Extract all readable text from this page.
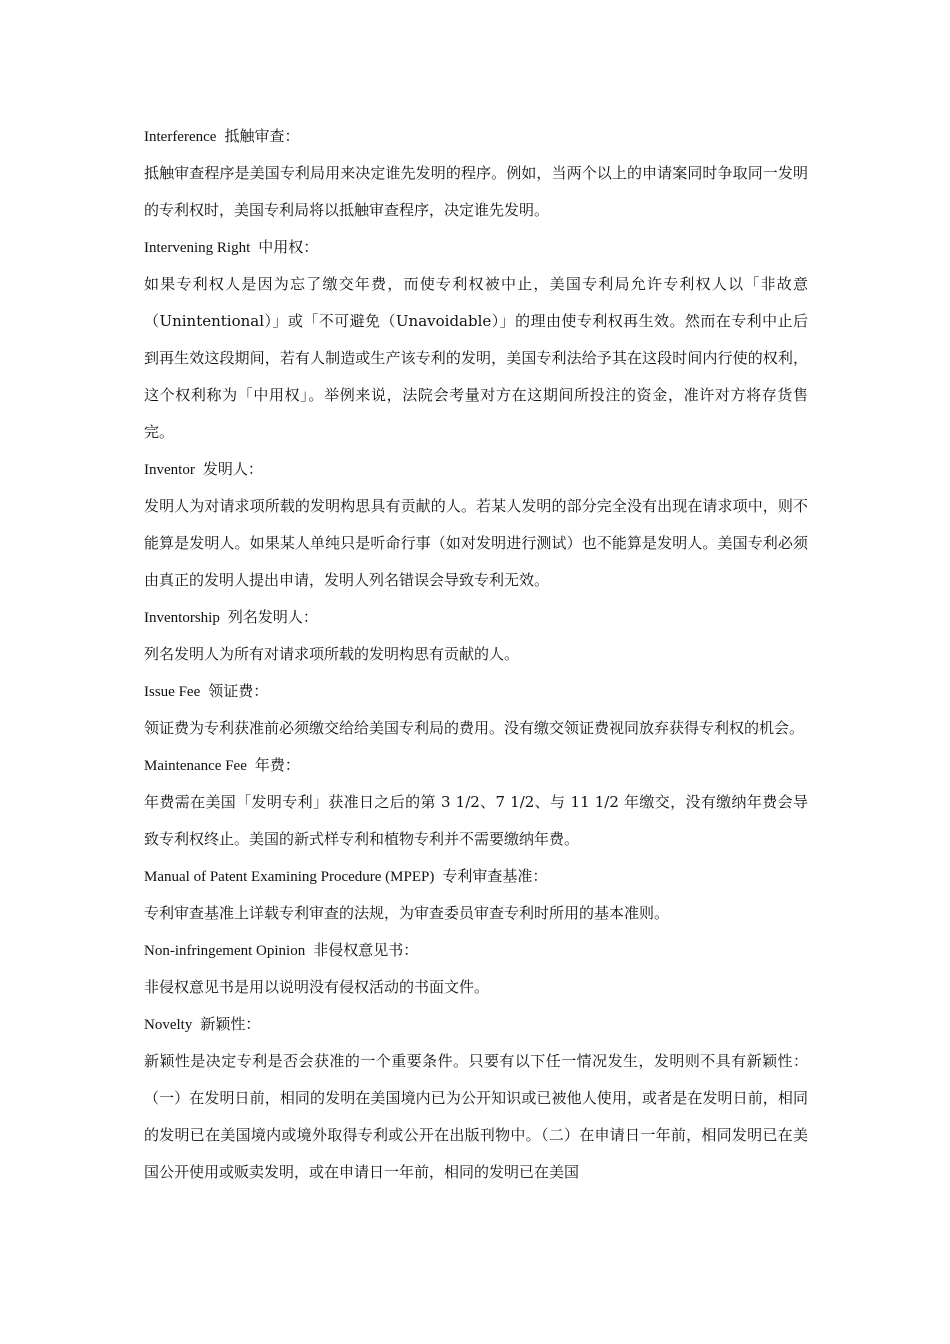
Interference 抵触审查：

抵触审查程序是美国专利局用来决定谁先发明的程序。例如，当两个以上的申请案同时争取同一发明的专利权时，美国专利局将以抵触审查程序，决定谁先发明。

Intervening Right 中用权：

如果专利权人是因为忘了缴交年费，而使专利权被中止，美国专利局允许专利权人以「非故意（Unintentional）」或「不可避免（Unavoidable）」的理由使专利权再生效。然而在专利中止后到再生效这段期间，若有人制造或生产该专利的发明，美国专利法给予其在这段时间内行使的权利，这个权利称为「中用权」。举例来说，法院会考量对方在这期间所投注的资金，准许对方将存货售完。

Inventor 发明人：

发明人为对请求项所载的发明构思具有贡献的人。若某人发明的部分完全没有出现在请求项中，则不能算是发明人。如果某人单纯只是听命行事（如对发明进行测试）也不能算是发明人。美国专利必须由真正的发明人提出申请，发明人列名错误会导致专利无效。

Inventorship 列名发明人：

列名发明人为所有对请求项所载的发明构思有贡献的人。

Issue Fee 领证费：

领证费为专利获准前必须缴交给给美国专利局的费用。没有缴交领证费视同放弃获得专利权的机会。

Maintenance Fee 年费：

年费需在美国「发明专利」获准日之后的第 3 1/2、7 1/2、与 11 1/2 年缴交，没有缴纳年费会导致专利权终止。美国的新式样专利和植物专利并不需要缴纳年费。

Manual of Patent Examining Procedure (MPEP) 专利审查基准：

专利审查基准上详载专利审查的法规，为审查委员审查专利时所用的基本准则。

Non-infringement Opinion 非侵权意见书：

非侵权意见书是用以说明没有侵权活动的书面文件。

Novelty 新颖性：

新颖性是决定专利是否会获准的一个重要条件。只要有以下任一情况发生，发明则不具有新颖性：（一）在发明日前，相同的发明在美国境内已为公开知识或已被他人使用，或者是在发明日前，相同的发明已在美国境内或境外取得专利或公开在出版刊物中。（二）在申请日一年前，相同发明已在美国公开使用或贩卖发明，或在申请日一年前，相同的发明已在美国
